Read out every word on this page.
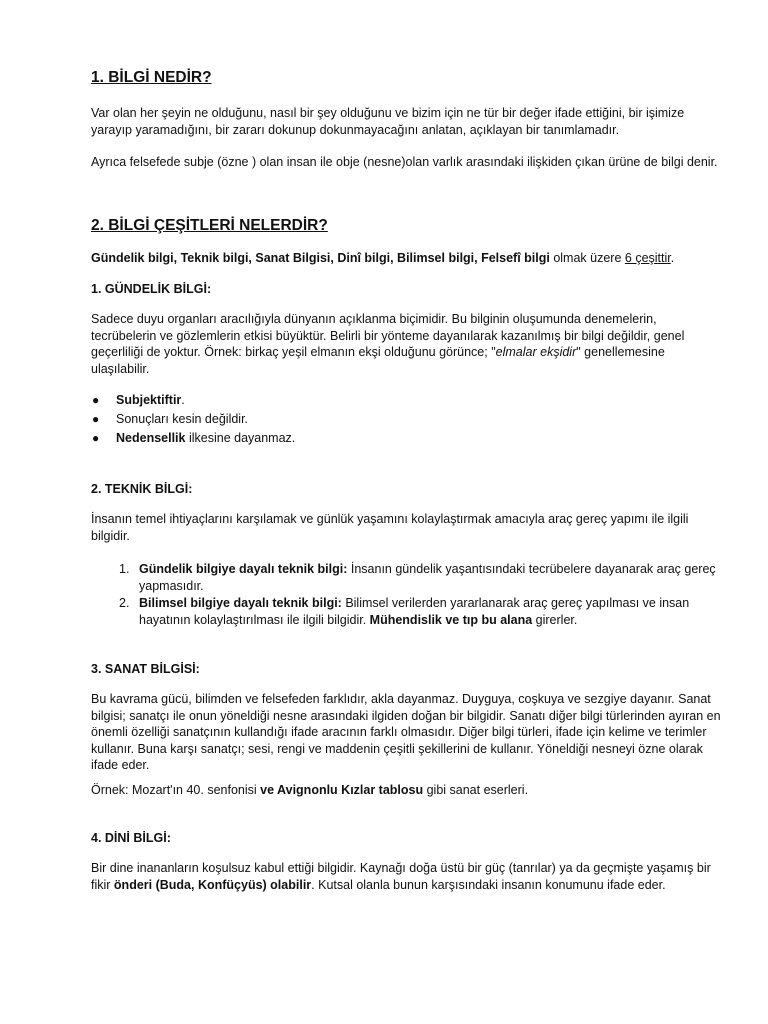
1. BİLGİ NEDİR?

Var olan her şeyin ne olduğunu, nasıl bir şey olduğunu ve bizim için ne tür bir değer ifade ettiğini, bir işimize yarayıp yaramadığını, bir zararı dokunup dokunmayacağını anlatan, açıklayan bir tanımlamadır.

Ayrıca felsefede subje (özne ) olan insan ile obje (nesne)olan varlık arasındaki ilişkiden çıkan ürüne de bilgi denir.

2. BİLGİ ÇEŞİTLERİ NELERDİR?

Gündelik bilgi, Teknik bilgi, Sanat Bilgisi, Dinî bilgi, Bilimsel bilgi, Felsefî bilgi olmak üzere 6 çeşittir.

1. GÜNDELİK BİLGİ:

Sadece duyu organları aracılığıyla dünyanın açıklanma biçimidir. Bu bilginin oluşumunda denemelerin, tecrübelerin ve gözlemlerin etkisi büyüktür. Belirli bir yönteme dayanılarak kazanılmış bir bilgi değildir, genel geçerliliği de yoktur. Örnek: birkaç yeşil elmanın ekşi olduğunu görünce; "elmalar ekşidir" genellemesine ulaşılabilir.

● Subjektiftir.
● Sonuçları kesin değildir.
● Nedensellik ilkesine dayanmaz.
2. TEKNİK BİLGİ:

İnsanın temel ihtiyaçlarını karşılamak ve günlük yaşamını kolaylaştırmak amacıyla araç gereç yapımı ile ilgili bilgidir.

1. Gündelik bilgiye dayalı teknik bilgi: İnsanın gündelik yaşantısındaki tecrübelere dayanarak araç gereç yapmasıdır.
2. Bilimsel bilgiye dayalı teknik bilgi: Bilimsel verilerden yararlanarak araç gereç yapılması ve insan hayatının kolaylaştırılması ile ilgili bilgidir. Mühendislik ve tıp bu alana girerler.
3. SANAT BİLGİSİ:

Bu kavrama gücü, bilimden ve felsefeden farklıdır, akla dayanmaz. Duyguya, coşkuya ve sezgiye dayanır. Sanat bilgisi; sanatçı ile onun yöneldiği nesne arasındaki ilgiden doğan bir bilgidir. Sanatı diğer bilgi türlerinden ayıran en önemli özelliği sanatçının kullandığı ifade aracının farklı olmasıdır. Diğer bilgi türleri, ifade için kelime ve terimler kullanır. Buna karşı sanatçı; sesi, rengi ve maddenin çeşitli şekillerini de kullanır. Yöneldiği nesneyi özne olarak ifade eder.

Örnek: Mozart'ın 40. senfonisi ve Avignonlu Kızlar tablosu gibi sanat eserleri.

4. DİNİ BİLGİ:

Bir dine inananların koşulsuz kabul ettiği bilgidir. Kaynağı doğa üstü bir güç (tanrılar) ya da geçmişte yaşamış bir fikir önderi (Buda, Konfüçyüs) olabilir. Kutsal olanla bunun karşısındaki insanın konumunu ifade eder.
